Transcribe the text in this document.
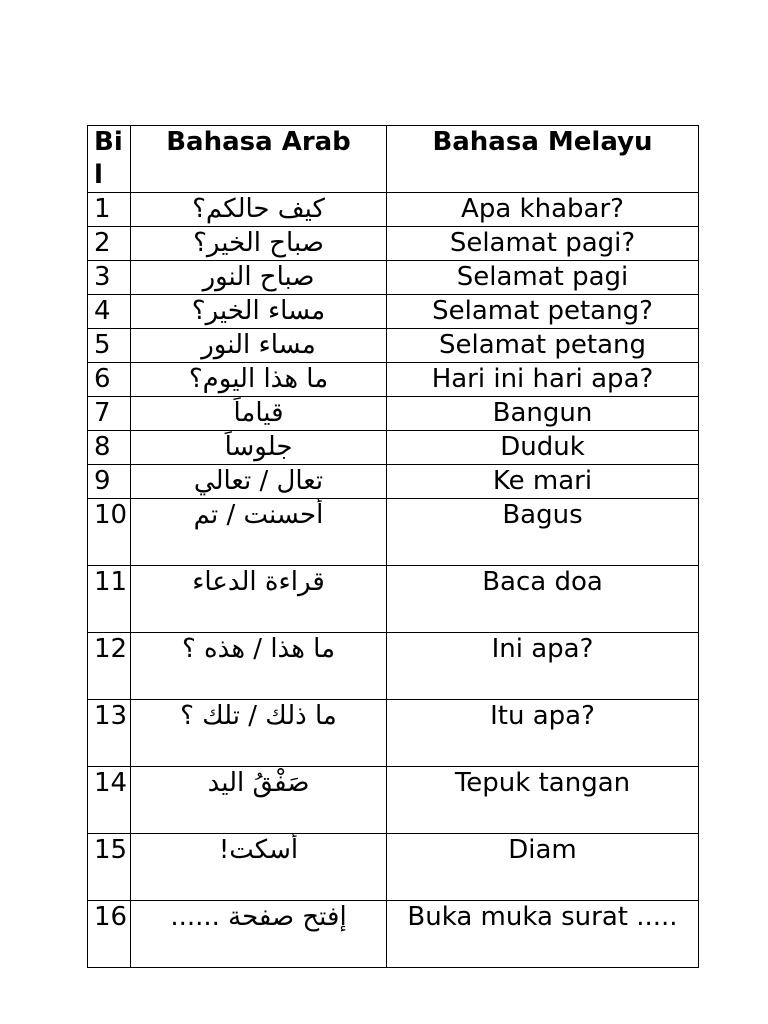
Bil	Bahasa Arab	Bahasa Melayu
1	كيف حالكم؟	Apa khabar?
2	صباح الخير؟	Selamat pagi?
3	صباح النور	Selamat pagi
4	مساء الخير؟	Selamat petang?
5	مساء النور	Selamat petang
6	ما هذا اليوم؟	Hari ini hari apa?
7	قياماً	Bangun
8	جلوساً	Duduk
9	تعال / تعالي	Ke mari
10	أحسنت / تم	Bagus
11	قراءة الدعاء	Baca doa
12	ما هذا / هذه ؟	Ini apa?
13	ما ذلك / تلك ؟	Itu apa?
14	صَفْقُ اليد	Tepuk tangan
15	أسكت!	Diam
16	إفتح صفحة ......	Buka muka surat .....
